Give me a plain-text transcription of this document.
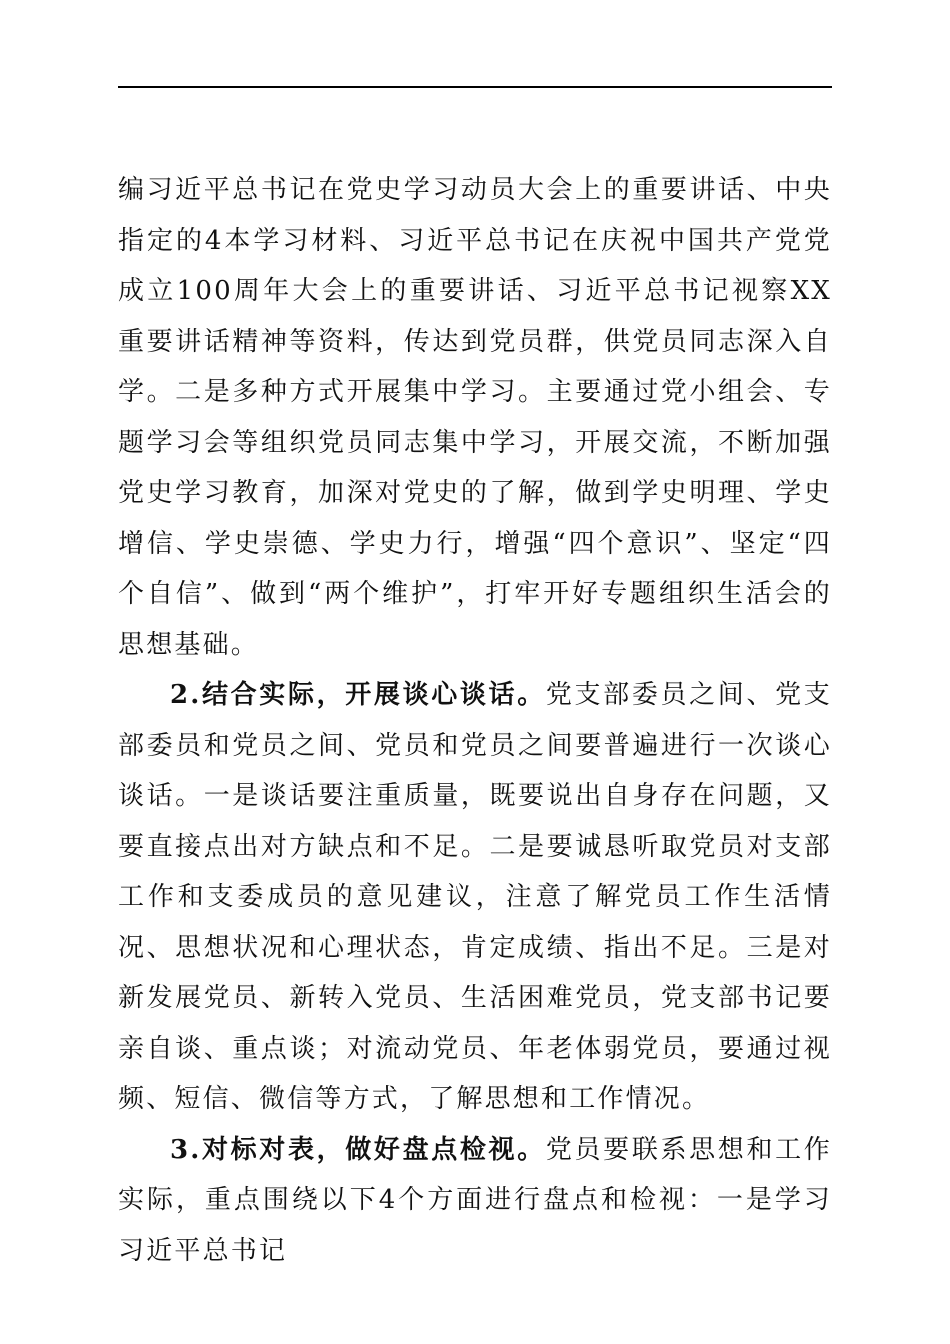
编习近平总书记在党史学习动员大会上的重要讲话、中央指定的4本学习材料、习近平总书记在庆祝中国共产党党成立100周年大会上的重要讲话、习近平总书记视察XX重要讲话精神等资料，传达到党员群，供党员同志深入自学。二是多种方式开展集中学习。主要通过党小组会、专题学习会等组织党员同志集中学习，开展交流，不断加强党史学习教育，加深对党史的了解，做到学史明理、学史增信、学史崇德、学史力行，增强“四个意识”、坚定“四个自信”、做到“两个维护”，打牢开好专题组织生活会的思想基础。

2.结合实际，开展谈心谈话。党支部委员之间、党支部委员和党员之间、党员和党员之间要普遍进行一次谈心谈话。一是谈话要注重质量，既要说出自身存在问题，又要直接点出对方缺点和不足。二是要诚恳听取党员对支部工作和支委成员的意见建议，注意了解党员工作生活情况、思想状况和心理状态，肯定成绩、指出不足。三是对新发展党员、新转入党员、生活困难党员，党支部书记要亲自谈、重点谈；对流动党员、年老体弱党员，要通过视频、短信、微信等方式，了解思想和工作情况。

3.对标对表，做好盘点检视。党员要联系思想和工作实际，重点围绕以下4个方面进行盘点和检视：一是学习习近平总书记
